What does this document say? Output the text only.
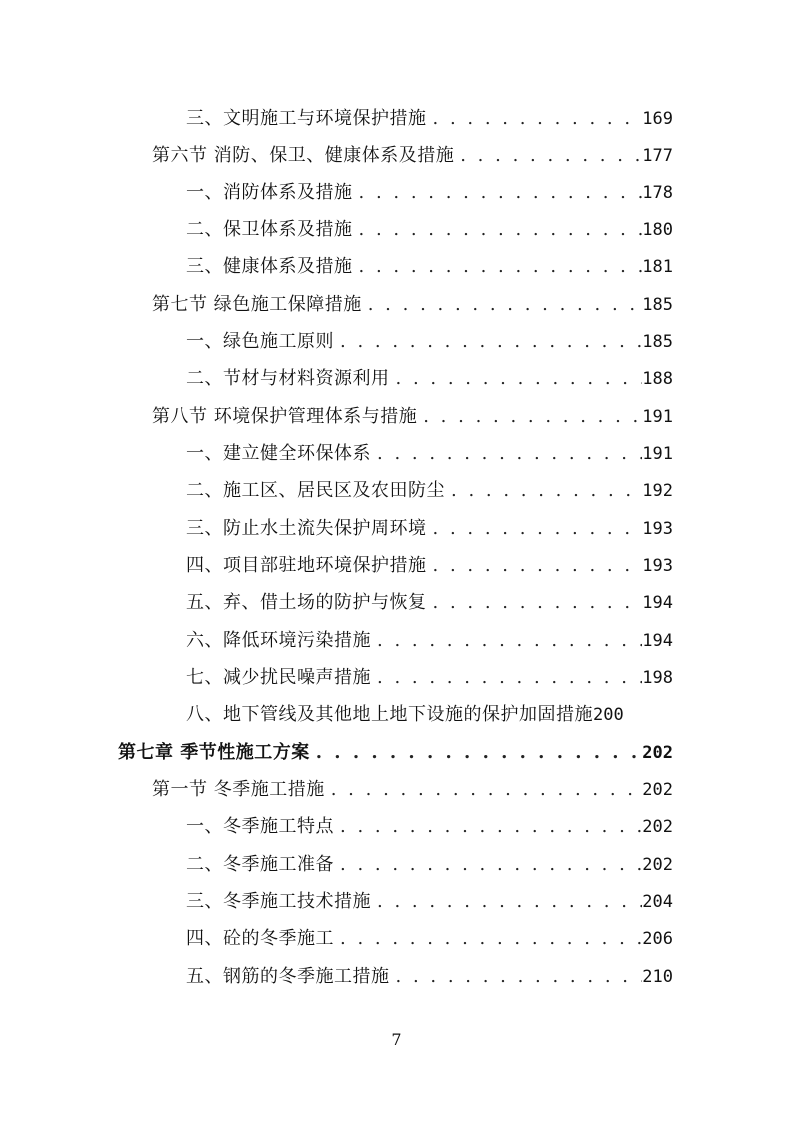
三、文明施工与环境保护措施 . . .	169
第六节 消防、保卫、健康体系及措施 . . .	177
一、消防体系及措施 . . .	178
二、保卫体系及措施 . . .	180
三、健康体系及措施 . . .	181
第七节 绿色施工保障措施 . . .	185
一、绿色施工原则 . . .	185
二、节材与材料资源利用 . . .	188
第八节 环境保护管理体系与措施 . . .	191
一、建立健全环保体系 . . .	191
二、施工区、居民区及农田防尘 . . .	192
三、防止水土流失保护周环境 . . .	193
四、项目部驻地环境保护措施 . . .	193
五、弃、借土场的防护与恢复 . . .	194
六、降低环境污染措施 . . .	194
七、减少扰民噪声措施 . . .	198
八、地下管线及其他地上地下设施的保护加固措施 200
第七章 季节性施工方案 . . .	202
第一节 冬季施工措施 . . .	202
一、冬季施工特点 . . .	202
二、冬季施工准备 . . .	202
三、冬季施工技术措施 . . .	204
四、砼的冬季施工 . . .	206
五、钢筋的冬季施工措施 . . .	210
7
